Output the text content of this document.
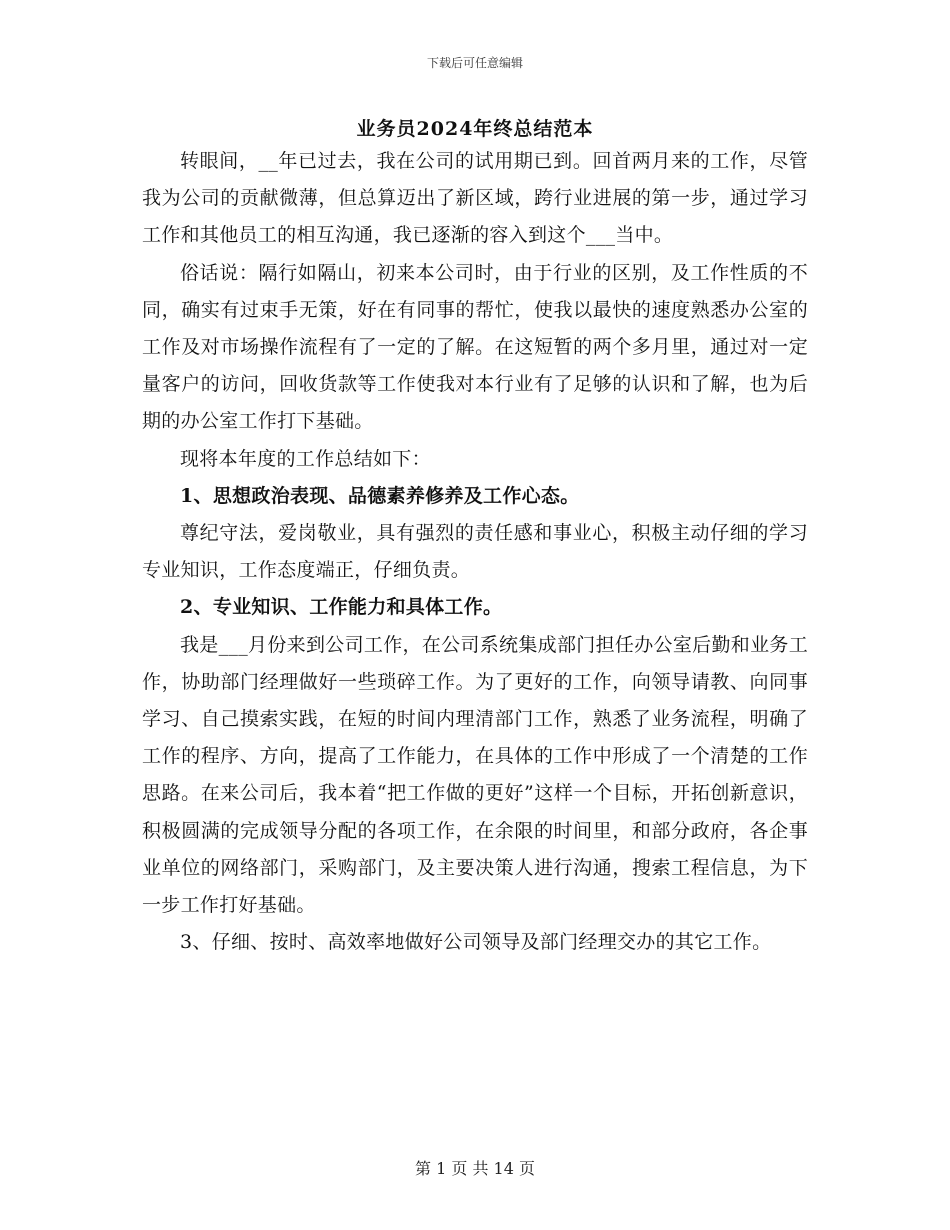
下载后可任意编辑
业务员2024年终总结范本

转眼间，__年已过去，我在公司的试用期已到。回首两月来的工作，尽管我为公司的贡献微薄，但总算迈出了新区域，跨行业进展的第一步，通过学习工作和其他员工的相互沟通，我已逐渐的容入到这个___当中。

俗话说：隔行如隔山，初来本公司时，由于行业的区别，及工作性质的不同，确实有过束手无策，好在有同事的帮忙，使我以最快的速度熟悉办公室的工作及对市场操作流程有了一定的了解。在这短暂的两个多月里，通过对一定量客户的访问，回收货款等工作使我对本行业有了足够的认识和了解，也为后期的办公室工作打下基础。

现将本年度的工作总结如下：

1、思想政治表现、品德素养修养及工作心态。

尊纪守法，爱岗敬业，具有强烈的责任感和事业心，积极主动仔细的学习专业知识，工作态度端正，仔细负责。

2、专业知识、工作能力和具体工作。

我是___月份来到公司工作，在公司系统集成部门担任办公室后勤和业务工作，协助部门经理做好一些琐碎工作。为了更好的工作，向领导请教、向同事学习、自己摸索实践，在短的时间内理清部门工作，熟悉了业务流程，明确了工作的程序、方向，提高了工作能力，在具体的工作中形成了一个清楚的工作思路。在来公司后，我本着“把工作做的更好”这样一个目标，开拓创新意识，积极圆满的完成领导分配的各项工作，在余限的时间里，和部分政府，各企事业单位的网络部门，采购部门，及主要决策人进行沟通，搜索工程信息，为下一步工作打好基础。

3、仔细、按时、高效率地做好公司领导及部门经理交办的其它工作。

第 1 页 共 14 页
